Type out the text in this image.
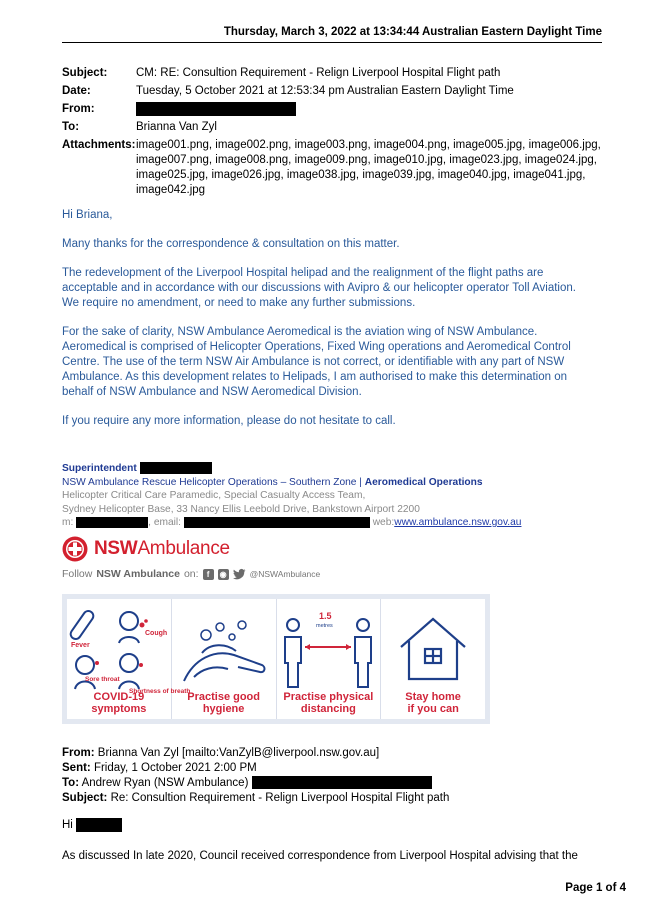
Thursday, March 3, 2022 at 13:34:44 Australian Eastern Daylight Time
Subject:	CM: RE: Consultion Requirement - Relign Liverpool Hospital Flight path
Date:	Tuesday, 5 October 2021 at 12:53:34 pm Australian Eastern Daylight Time
From:
To:	Brianna Van Zyl
Attachments: image001.png, image002.png, image003.png, image004.png, image005.jpg, image006.jpg, image007.png, image008.png, image009.png, image010.jpg, image023.jpg, image024.jpg, image025.jpg, image026.jpg, image038.jpg, image039.jpg, image040.jpg, image041.jpg, image042.jpg

Hi Briana,

Many thanks for the correspondence & consultation on this matter.

The redevelopment of the Liverpool Hospital helipad and the realignment of the flight paths are acceptable and in accordance with our discussions with Avipro & our helicopter operator Toll Aviation. We require no amendment, or need to make any further submissions.

For the sake of clarity, NSW Ambulance Aeromedical is the aviation wing of NSW Ambulance. Aeromedical is comprised of Helicopter Operations, Fixed Wing operations and Aeromedical Control Centre. The use of the term NSW Air Ambulance is not correct, or identifiable with any part of NSW Ambulance. As this development relates to Helipads, I am authorised to make this determination on behalf of NSW Ambulance and NSW Aeromedical Division.

If you require any more information, please do not hesitate to call.

Superintendent
NSW Ambulance Rescue Helicopter Operations – Southern Zone | Aeromedical Operations
Helicopter Critical Care Paramedic, Special Casualty Access Team,
Sydney Helicopter Base, 33 Nancy Ellis Leebold Drive, Bankstown Airport 2200
m:	, email:	web:www.ambulance.nsw.gov.au
NSWAmbulance
Follow NSW Ambulance on:	f	◉	@NSWAmbulance
Fever
Cough
Sore throat
Shortness of breath
COVID-19
symptoms
Practise good
hygiene
1.5
metres
Practise physical
distancing
Stay home
if you can
From: Brianna Van Zyl [mailto:VanZylB@liverpool.nsw.gov.au]
Sent: Friday, 1 October 2021 2:00 PM
To: Andrew Ryan (NSW Ambulance)
Subject: Re: Consultion Requirement - Relign Liverpool Hospital Flight path
Hi
As discussed In late 2020, Council received correspondence from Liverpool Hospital advising that the
Page 1 of 4
